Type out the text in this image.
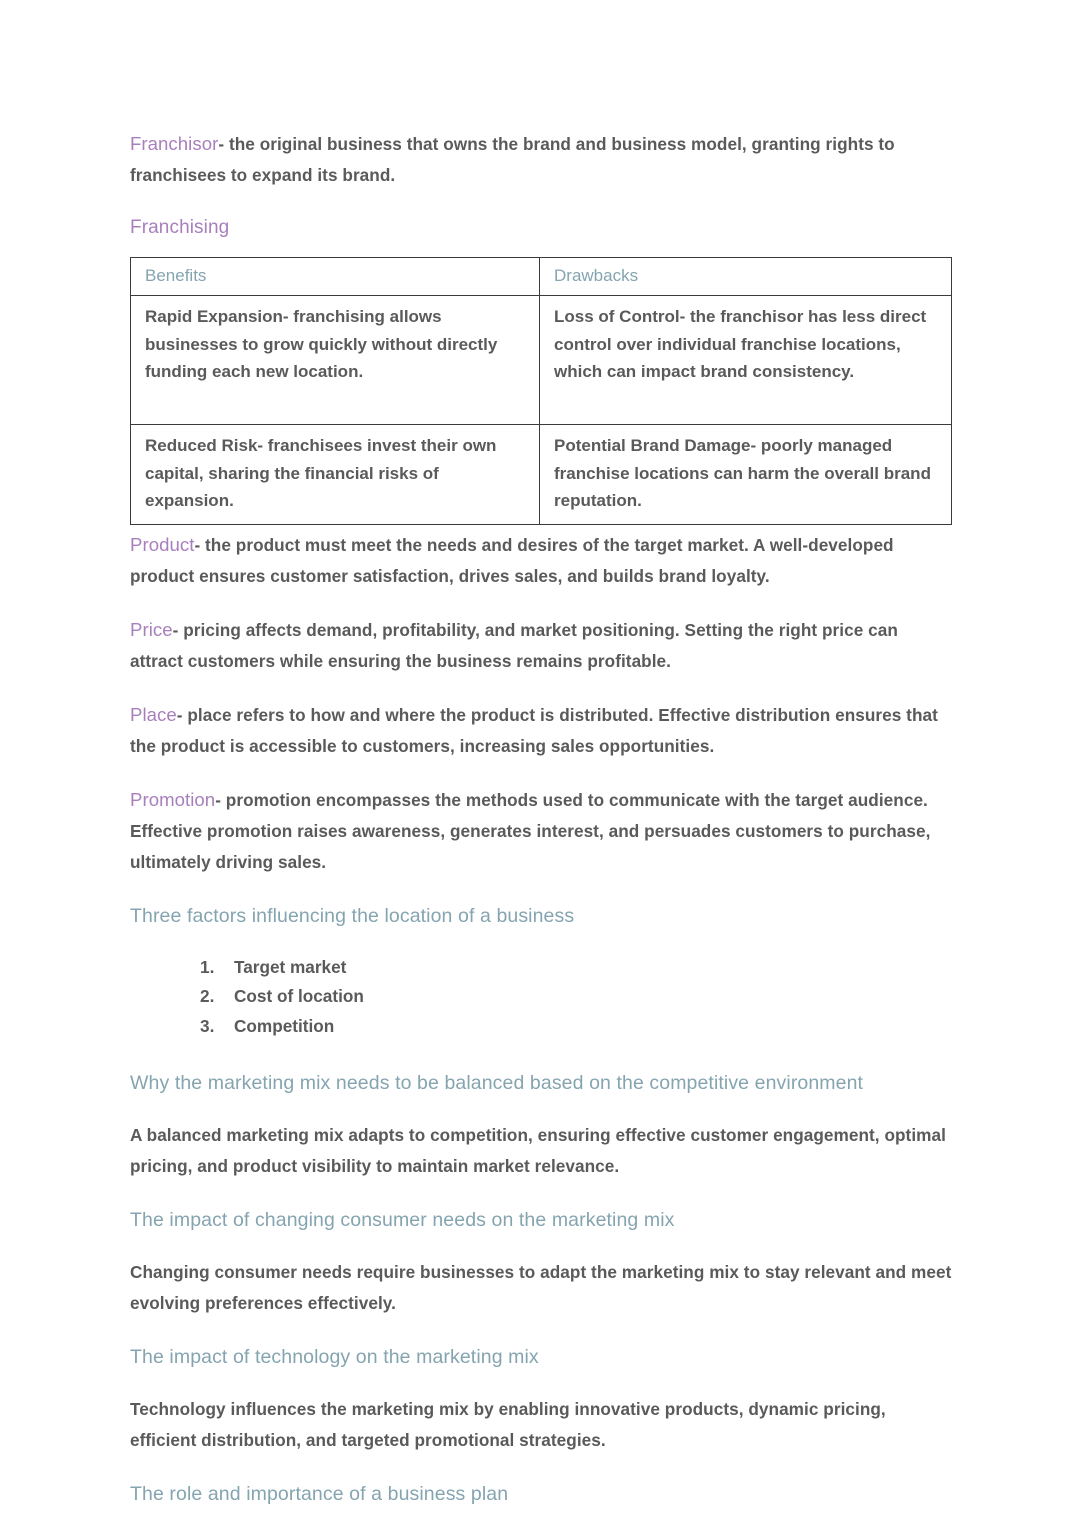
Franchisor- the original business that owns the brand and business model, granting rights to franchisees to expand its brand.

Franchising
Benefits	Drawbacks
Rapid Expansion- franchising allows businesses to grow quickly without directly funding each new location.	Loss of Control- the franchisor has less direct control over individual franchise locations, which can impact brand consistency.
Reduced Risk- franchisees invest their own capital, sharing the financial risks of expansion.	Potential Brand Damage- poorly managed franchise locations can harm the overall brand reputation.

Product- the product must meet the needs and desires of the target market. A well-developed product ensures customer satisfaction, drives sales, and builds brand loyalty.

Price- pricing affects demand, profitability, and market positioning. Setting the right price can attract customers while ensuring the business remains profitable.

Place- place refers to how and where the product is distributed. Effective distribution ensures that the product is accessible to customers, increasing sales opportunities.

Promotion- promotion encompasses the methods used to communicate with the target audience. Effective promotion raises awareness, generates interest, and persuades customers to purchase, ultimately driving sales.

Three factors influencing the location of a business
Target market
Cost of location
Competition
Why the marketing mix needs to be balanced based on the competitive environment

A balanced marketing mix adapts to competition, ensuring effective customer engagement, optimal pricing, and product visibility to maintain market relevance.

The impact of changing consumer needs on the marketing mix

Changing consumer needs require businesses to adapt the marketing mix to stay relevant and meet evolving preferences effectively.

The impact of technology on the marketing mix

Technology influences the marketing mix by enabling innovative products, dynamic pricing, efficient distribution, and targeted promotional strategies.

The role and importance of a business plan
